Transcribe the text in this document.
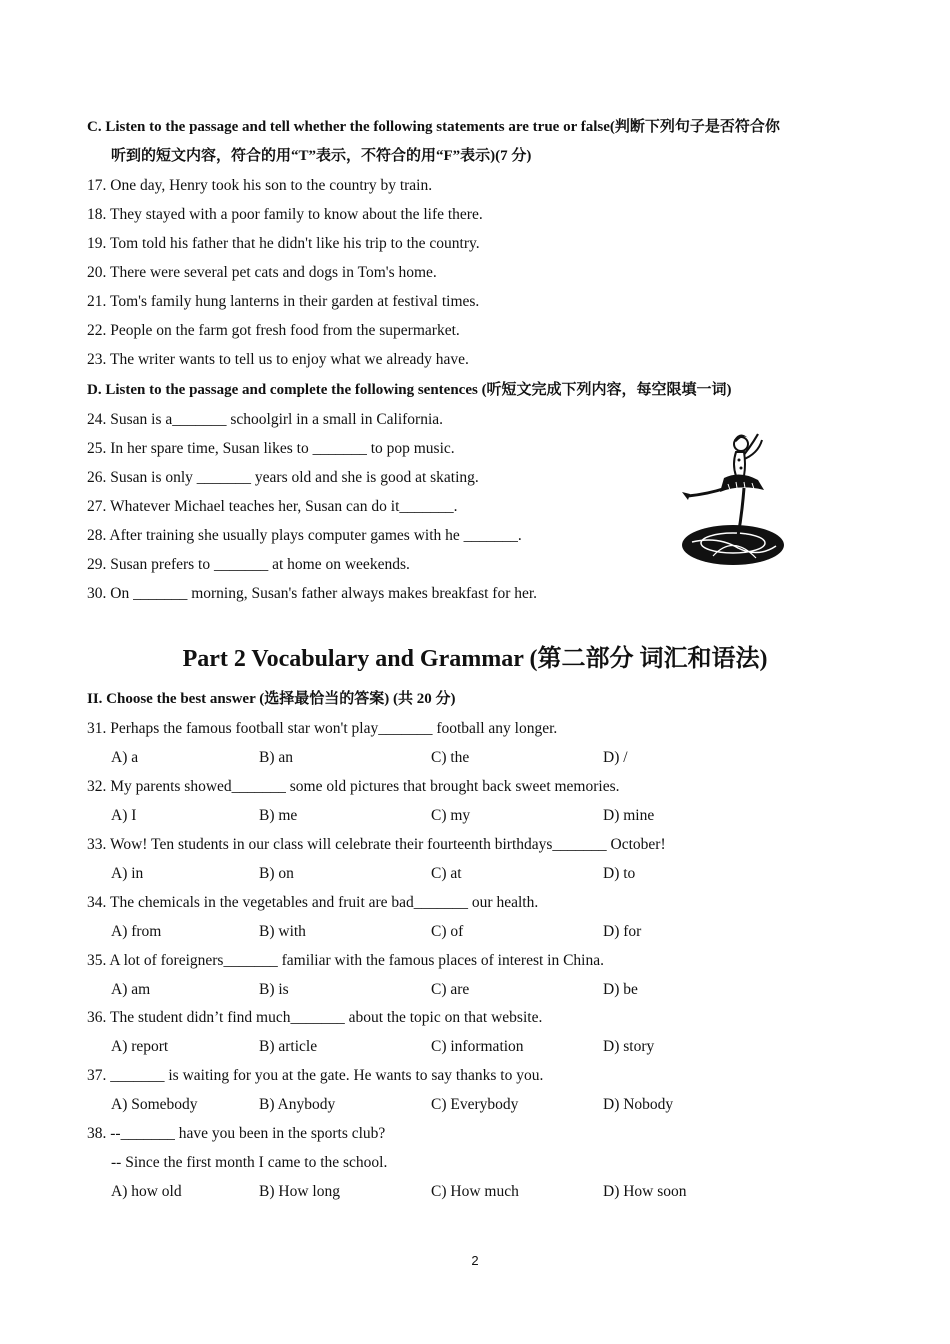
C. Listen to the passage and tell whether the following statements are true or false(判断下列句子是否符合你
听到的短文内容，符合的用“T”表示，不符合的用“F”表示)(7 分)
17. One day, Henry took his son to the country by train.
18. They stayed with a poor family to know about the life there.
19. Tom told his father that he didn't like his trip to the country.
20. There were several pet cats and dogs in Tom's home.
21. Tom's family hung lanterns in their garden at festival times.
22. People on the farm got fresh food from the supermarket.
23. The writer wants to tell us to enjoy what we already have.
D. Listen to the passage and complete the following sentences (听短文完成下列内容，每空限填一词)
24. Susan is a_______ schoolgirl in a small in California.
25. In her spare time, Susan likes to _______ to pop music.
26. Susan is only _______ years old and she is good at skating.
27. Whatever Michael teaches her, Susan can do it_______.
28. After training she usually plays computer games with he _______.
29. Susan prefers to _______ at home on weekends.
30. On _______ morning, Susan's father always makes breakfast for her.
Part 2 Vocabulary and Grammar (第二部分 词汇和语法)
II. Choose the best answer (选择最恰当的答案) (共 20 分)
31. Perhaps the famous football star won't play_______ football any longer.
A) a	B) an	C) the	D) /
32. My parents showed_______ some old pictures that brought back sweet memories.
A) I	B) me	C) my	D) mine
33. Wow! Ten students in our class will celebrate their fourteenth birthdays_______ October!
A) in	B) on	C) at	D) to
34. The chemicals in the vegetables and fruit are bad_______ our health.
A) from	B) with	C) of	D) for
35. A lot of foreigners_______ familiar with the famous places of interest in China.
A) am	B) is	C) are	D) be
36. The student didn’t find much_______ about the topic on that website.
A) report	B) article	C) information	D) story
37. _______ is waiting for you at the gate. He wants to say thanks to you.
A) Somebody	B) Anybody	C) Everybody	D) Nobody
38. --_______ have you been in the sports club?
-- Since the first month I came to the school.
A) how old	B) How long	C) How much	D) How soon
2
